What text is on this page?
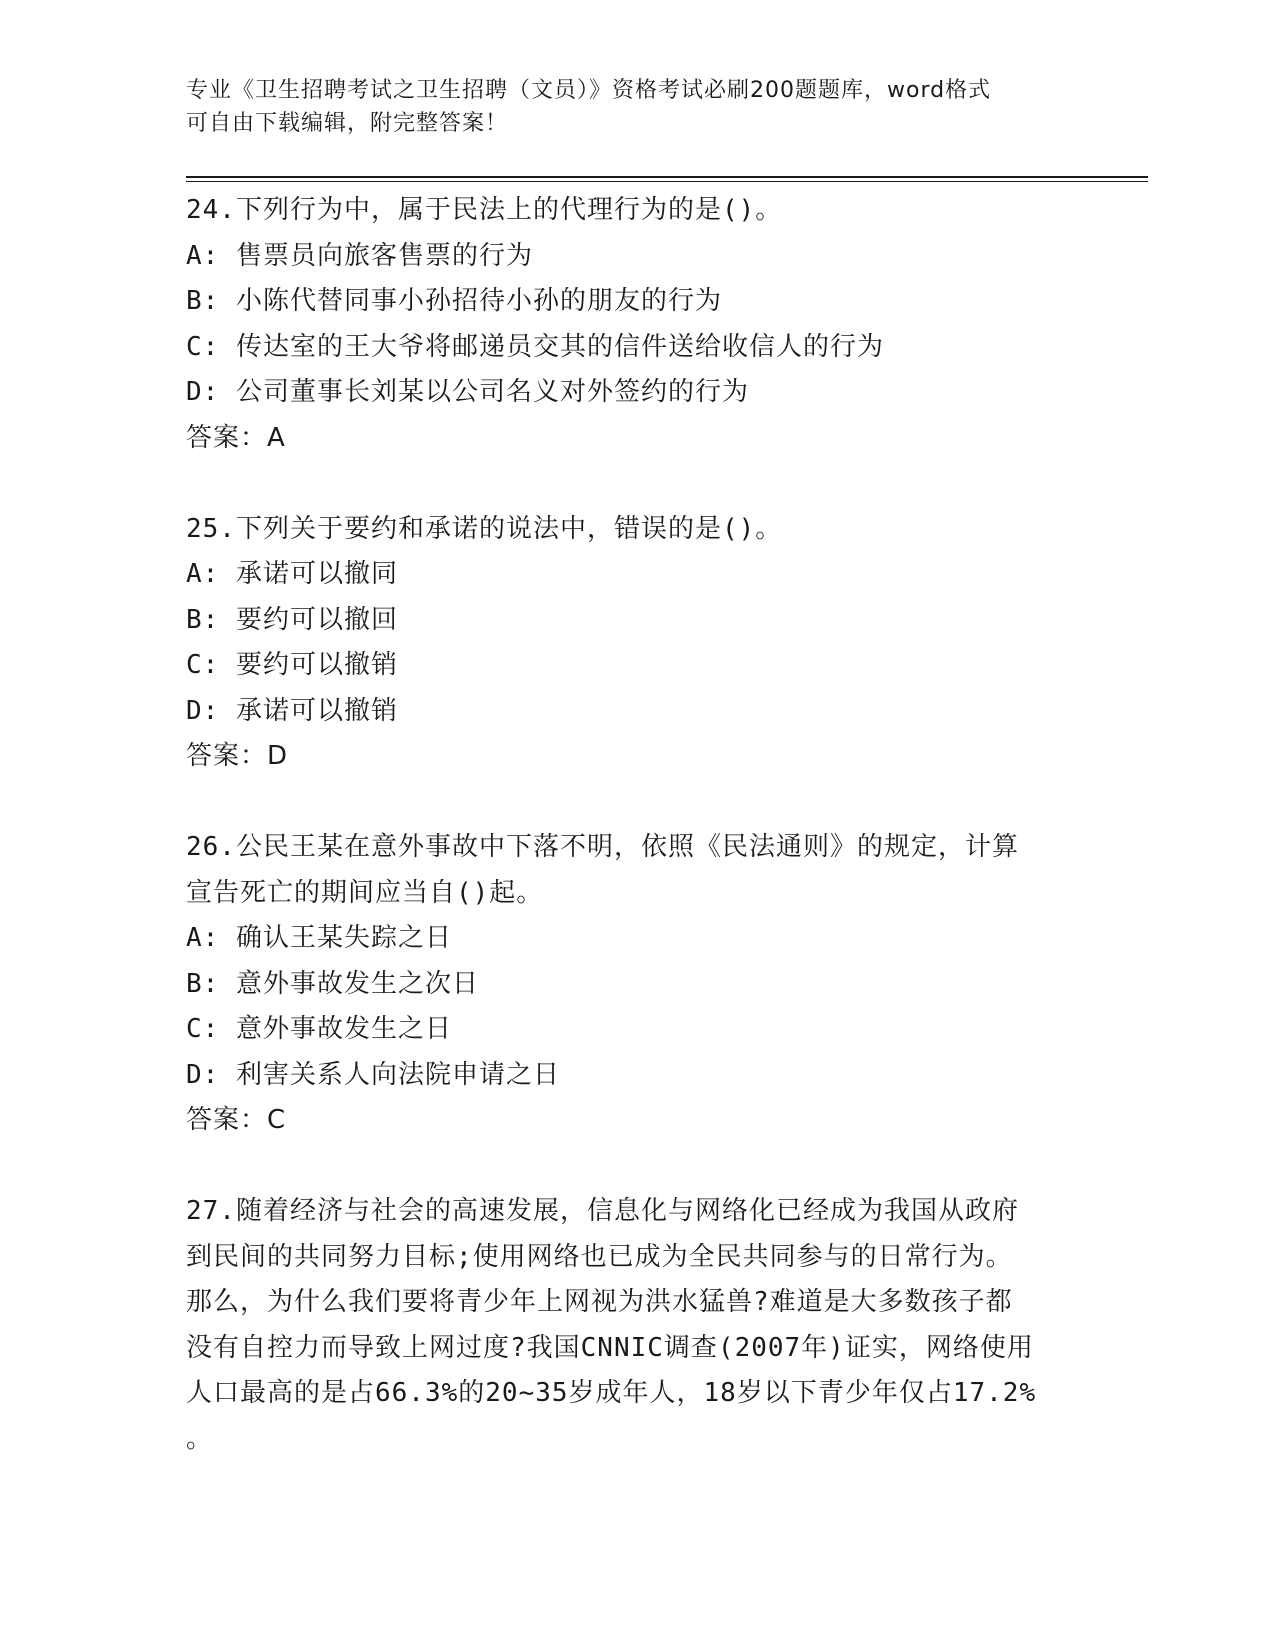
专业《卫生招聘考试之卫生招聘（文员）》资格考试必刷200题题库，word格式
可自由下载编辑，附完整答案！
24.下列行为中，属于民法上的代理行为的是()。
A: 售票员向旅客售票的行为
B: 小陈代替同事小孙招待小孙的朋友的行为
C: 传达室的王大爷将邮递员交其的信件送给收信人的行为
D: 公司董事长刘某以公司名义对外签约的行为
答案：A
25.下列关于要约和承诺的说法中，错误的是()。
A: 承诺可以撤同
B: 要约可以撤回
C: 要约可以撤销
D: 承诺可以撤销
答案：D
26.公民王某在意外事故中下落不明，依照《民法通则》的规定，计算
宣告死亡的期间应当自()起。
A: 确认王某失踪之日
B: 意外事故发生之次日
C: 意外事故发生之日
D: 利害关系人向法院申请之日
答案：C
27.随着经济与社会的高速发展，信息化与网络化已经成为我国从政府
到民间的共同努力目标;使用网络也已成为全民共同参与的日常行为。
那么，为什么我们要将青少年上网视为洪水猛兽?难道是大多数孩子都
没有自控力而导致上网过度?我国CNNIC调查(2007年)证实，网络使用
人口最高的是占66.3%的20~35岁成年人，18岁以下青少年仅占17.2%
。
